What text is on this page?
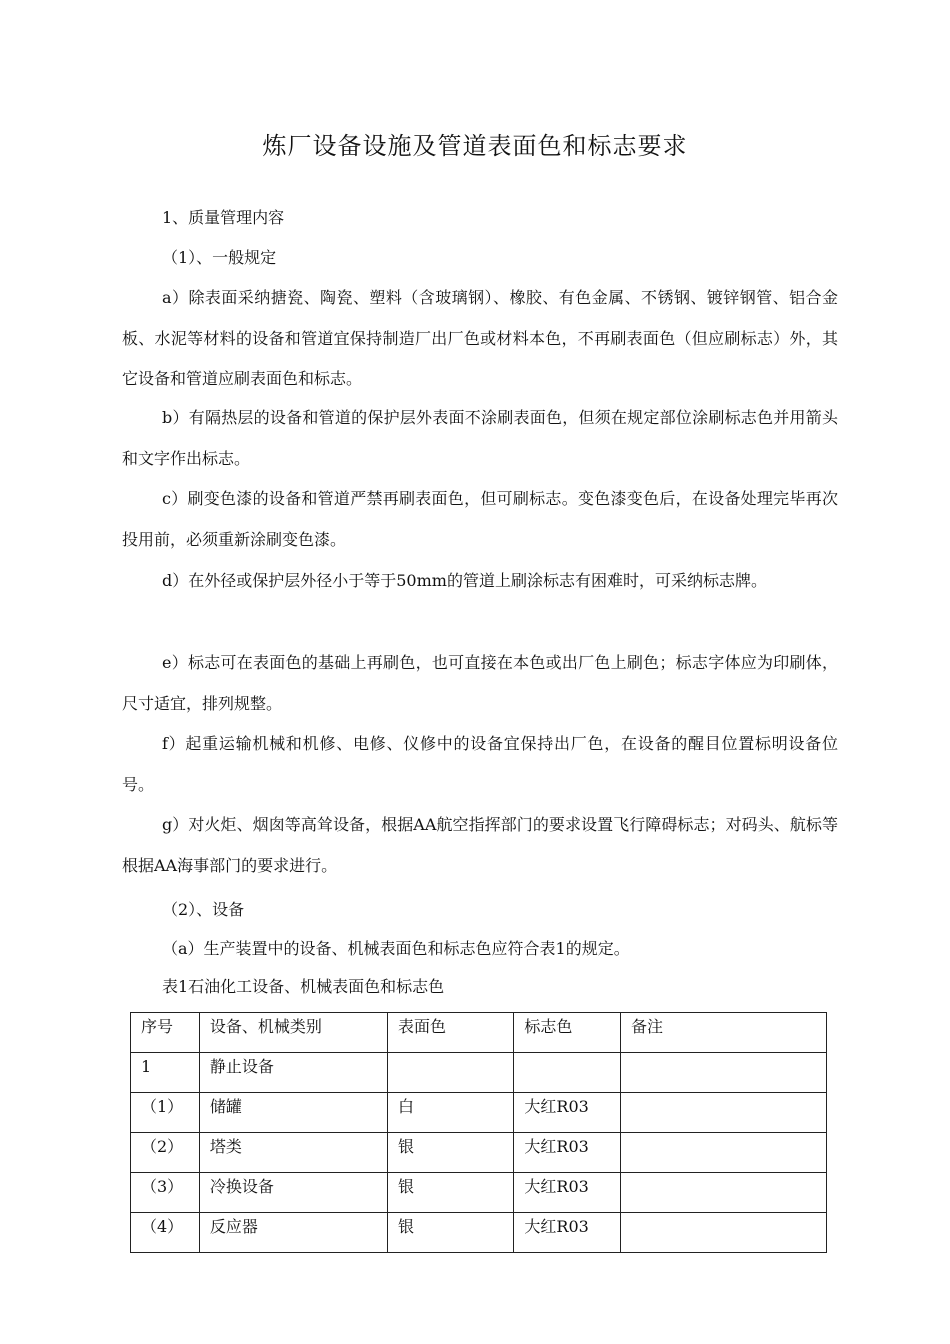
炼厂设备设施及管道表面色和标志要求
1、质量管理内容
（1）、一般规定
a）除表面采纳搪瓷、陶瓷、塑料（含玻璃钢）、橡胶、有色金属、不锈钢、镀锌钢管、铝合金板、水泥等材料的设备和管道宜保持制造厂出厂色或材料本色，不再刷表面色（但应刷标志）外，其它设备和管道应刷表面色和标志。
b）有隔热层的设备和管道的保护层外表面不涂刷表面色，但须在规定部位涂刷标志色并用箭头和文字作出标志。
c）刷变色漆的设备和管道严禁再刷表面色，但可刷标志。变色漆变色后，在设备处理完毕再次投用前，必须重新涂刷变色漆。
d）在外径或保护层外径小于等于50mm的管道上刷涂标志有困难时，可采纳标志牌。
e）标志可在表面色的基础上再刷色，也可直接在本色或出厂色上刷色；标志字体应为印刷体，尺寸适宜，排列规整。
f）起重运输机械和机修、电修、仪修中的设备宜保持出厂色，在设备的醒目位置标明设备位号。
g）对火炬、烟囱等高耸设备，根据AA航空指挥部门的要求设置飞行障碍标志；对码头、航标等根据AA海事部门的要求进行。
（2）、设备
（a）生产装置中的设备、机械表面色和标志色应符合表1的规定。
表1石油化工设备、机械表面色和标志色
序号	设备、机械类别	表面色	标志色	备注
1	静止设备			
（1）	储罐	白	大红R03	
（2）	塔类	银	大红R03	
（3）	冷换设备	银	大红R03	
（4）	反应器	银	大红R03	
